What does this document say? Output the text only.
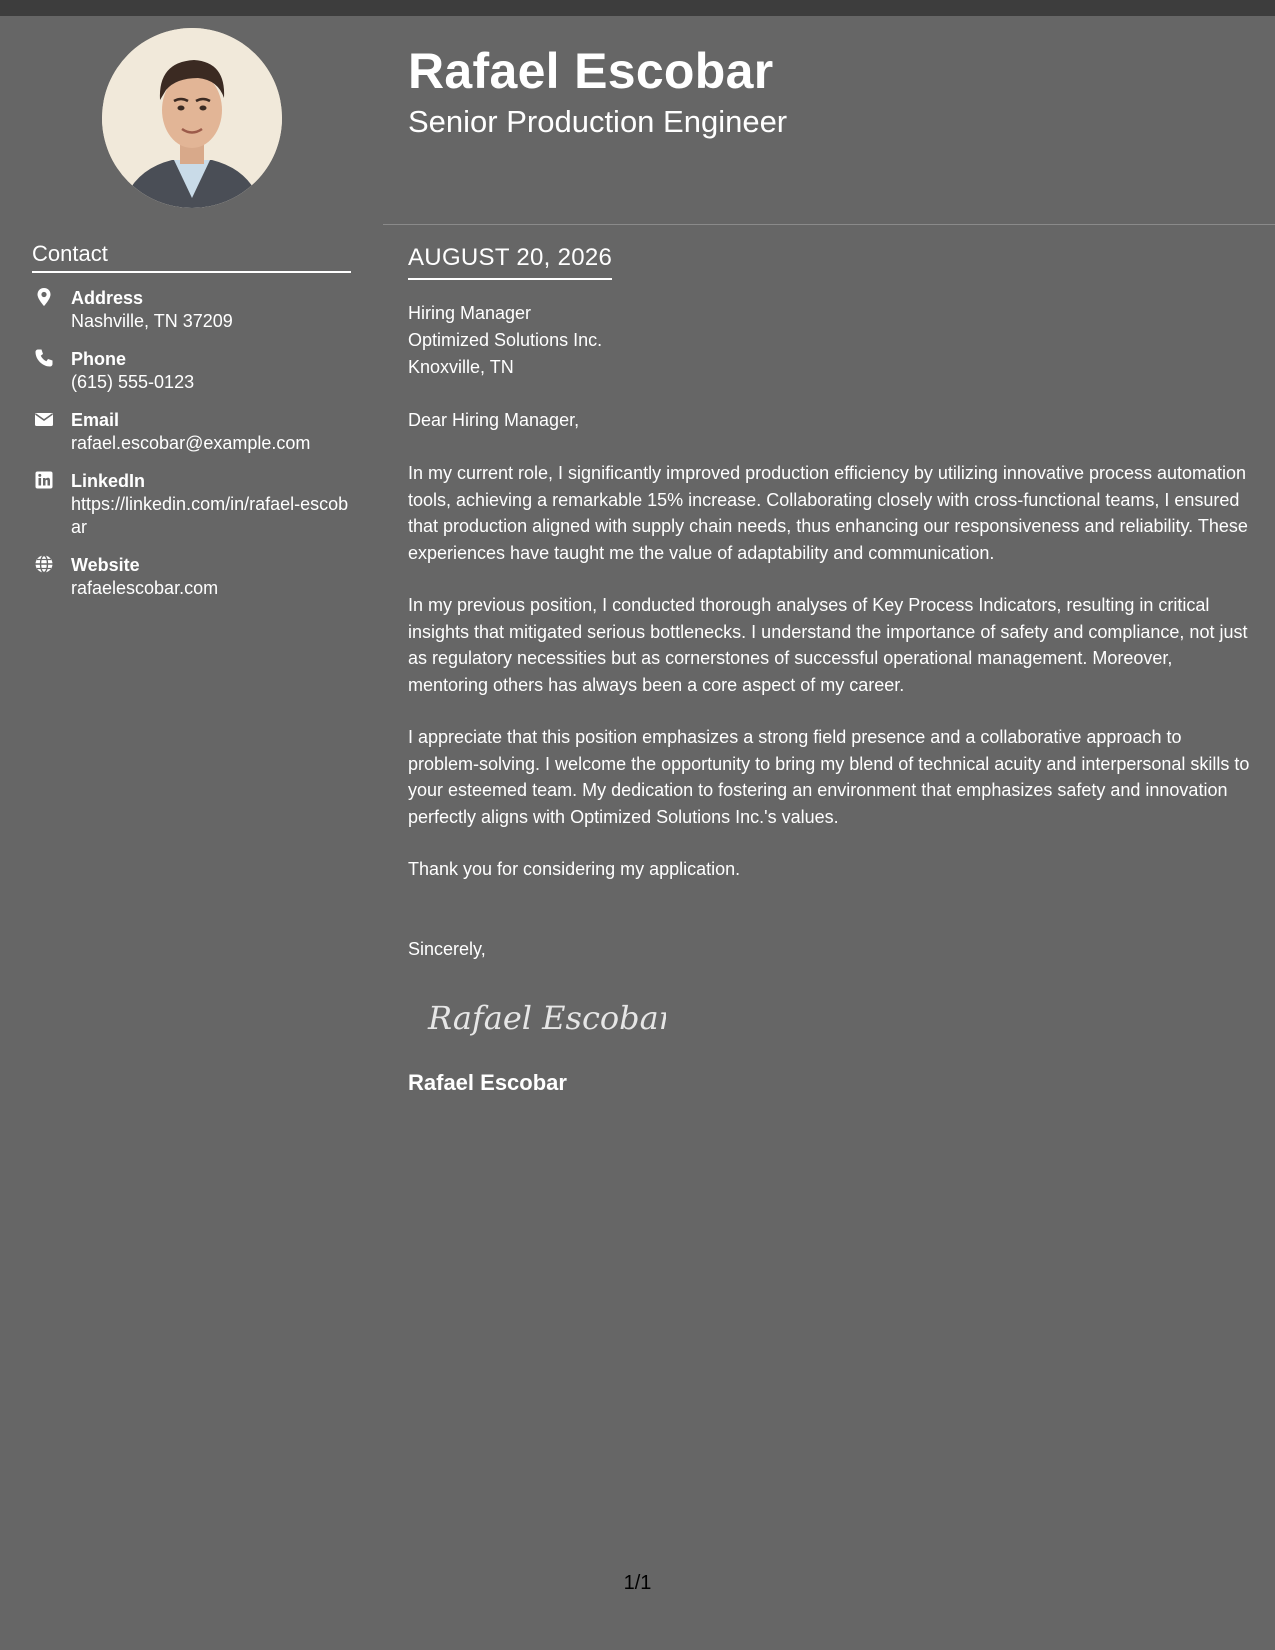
Contact
Address
Nashville, TN 37209
Phone
(615) 555-0123
Email
rafael.escobar@example.com
LinkedIn
https://linkedin.com/in/rafael-escobar
Website
rafaelescobar.com
Rafael Escobar
Senior Production Engineer
AUGUST 20, 2026
Hiring Manager
Optimized Solutions Inc.
Knoxville, TN
Dear Hiring Manager,
In my current role, I significantly improved production efficiency by utilizing innovative process automation tools, achieving a remarkable 15% increase. Collaborating closely with cross-functional teams, I ensured that production aligned with supply chain needs, thus enhancing our responsiveness and reliability. These experiences have taught me the value of adaptability and communication.
In my previous position, I conducted thorough analyses of Key Process Indicators, resulting in critical insights that mitigated serious bottlenecks. I understand the importance of safety and compliance, not just as regulatory necessities but as cornerstones of successful operational management. Moreover, mentoring others has always been a core aspect of my career.
I appreciate that this position emphasizes a strong field presence and a collaborative approach to problem-solving. I welcome the opportunity to bring my blend of technical acuity and interpersonal skills to your esteemed team. My dedication to fostering an environment that emphasizes safety and innovation perfectly aligns with Optimized Solutions Inc.'s values.
Thank you for considering my application.
Sincerely,
Rafael Escobar
Rafael Escobar
1/1
